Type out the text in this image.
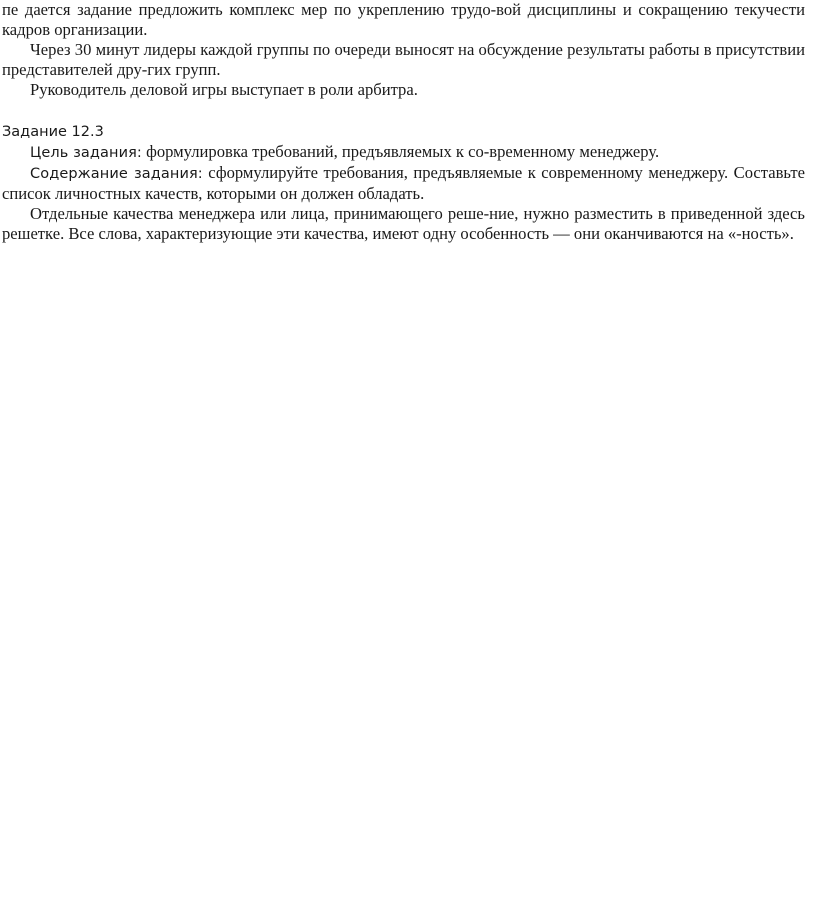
пе дается задание предложить комплекс мер по укреплению трудо-вой дисциплины и сокращению текучести кадров организации.

Через 30 минут лидеры каждой группы по очереди выносят на обсуждение результаты работы в присутствии представителей дру-гих групп.

Руководитель деловой игры выступает в роли арбитра.

Задание 12.3

Цель задания: формулировка требований, предъявляемых к со-временному менеджеру.

Содержание задания: сформулируйте требования, предъявляемые к современному менеджеру. Составьте список личностных качеств, которыми он должен обладать.

Отдельные качества менеджера или лица, принимающего реше-ние, нужно разместить в приведенной здесь решетке. Все слова, характеризующие эти качества, имеют одну особенность — они оканчиваются на «-ность».
